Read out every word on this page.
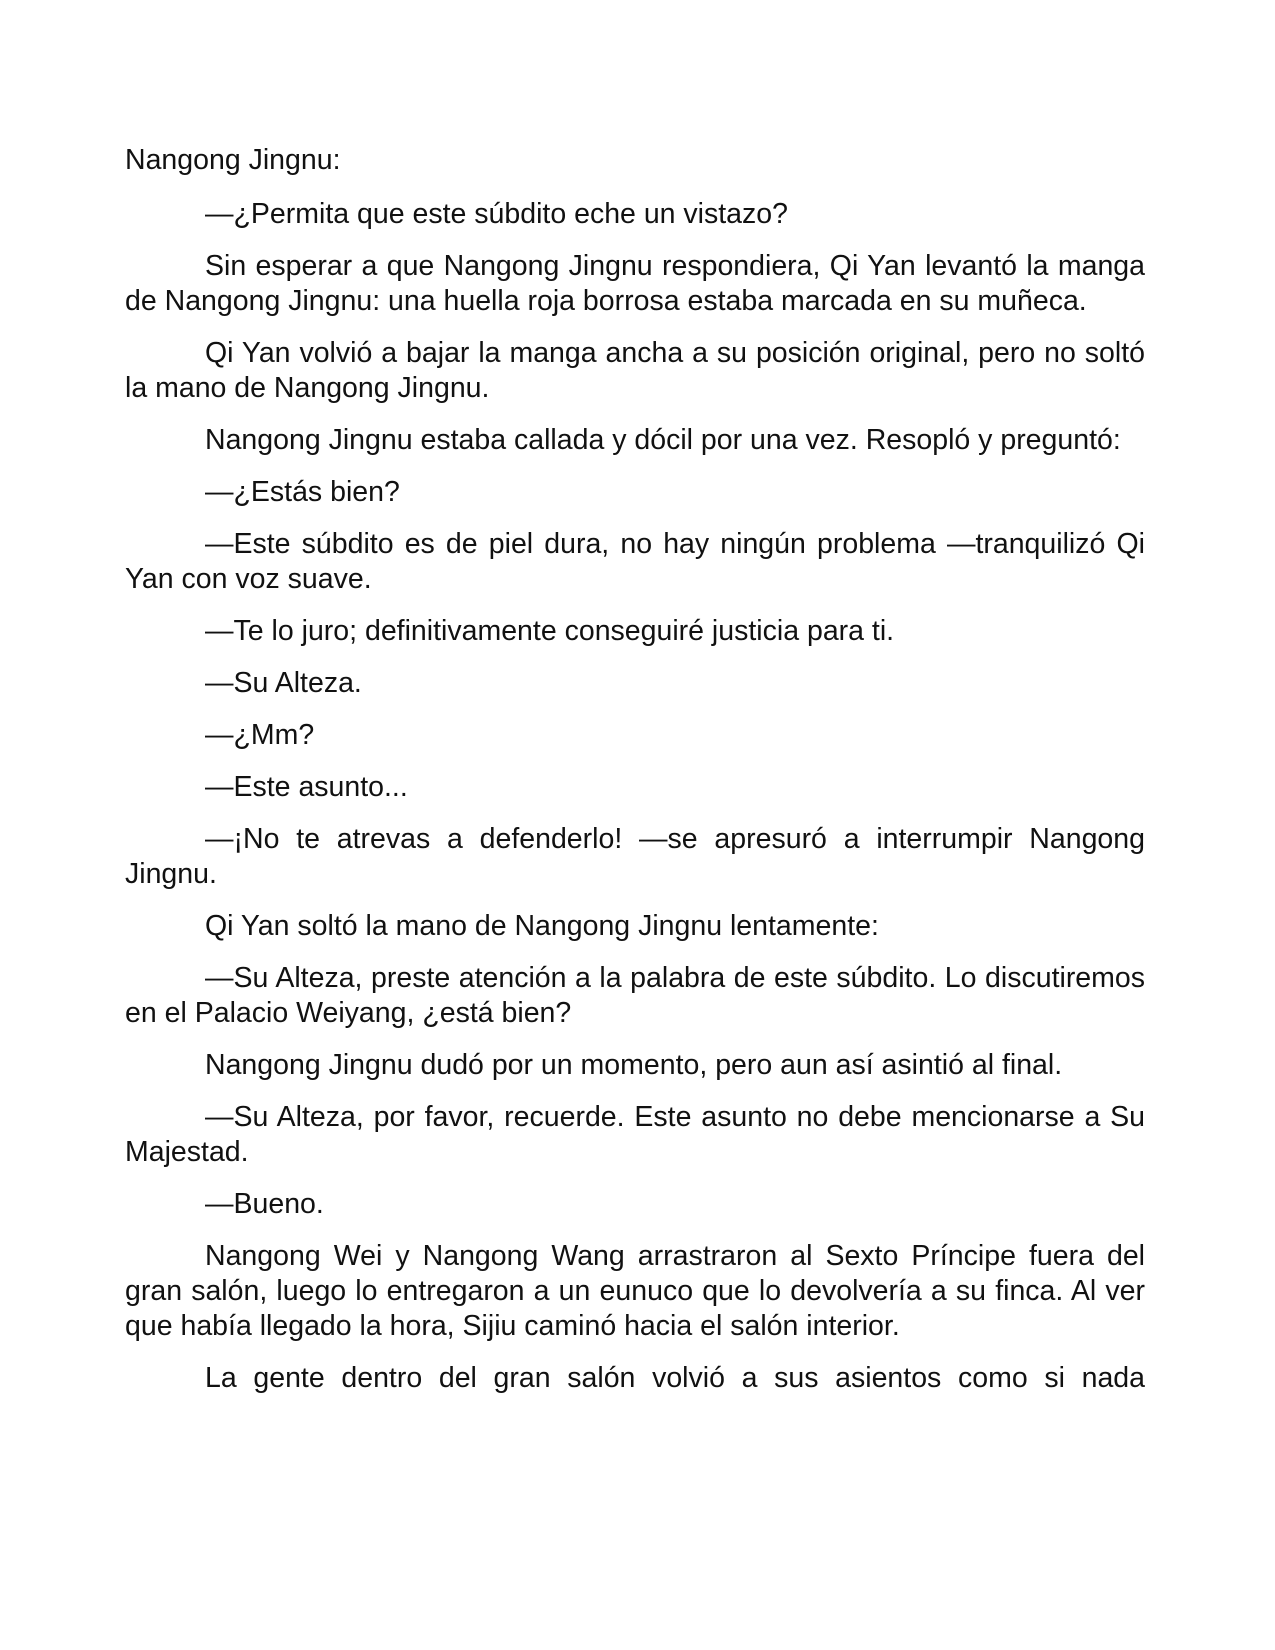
Nangong Jingnu:

—¿Permita que este súbdito eche un vistazo?

Sin esperar a que Nangong Jingnu respondiera, Qi Yan levantó la manga de Nangong Jingnu: una huella roja borrosa estaba marcada en su muñeca.

Qi Yan volvió a bajar la manga ancha a su posición original, pero no soltó la mano de Nangong Jingnu.

Nangong Jingnu estaba callada y dócil por una vez. Resopló y preguntó:

—¿Estás bien?

—Este súbdito es de piel dura, no hay ningún problema —tranquilizó Qi Yan con voz suave.

—Te lo juro; definitivamente conseguiré justicia para ti.

—Su Alteza.

—¿Mm?

—Este asunto...

—¡No te atrevas a defenderlo! —se apresuró a interrumpir Nangong Jingnu.

Qi Yan soltó la mano de Nangong Jingnu lentamente:

—Su Alteza, preste atención a la palabra de este súbdito. Lo discutiremos en el Palacio Weiyang, ¿está bien?

Nangong Jingnu dudó por un momento, pero aun así asintió al final.

—Su Alteza, por favor, recuerde. Este asunto no debe mencionarse a Su Majestad.

—Bueno.

Nangong Wei y Nangong Wang arrastraron al Sexto Príncipe fuera del gran salón, luego lo entregaron a un eunuco que lo devolvería a su finca. Al ver que había llegado la hora, Sijiu caminó hacia el salón interior.

La gente dentro del gran salón volvió a sus asientos como si nada
